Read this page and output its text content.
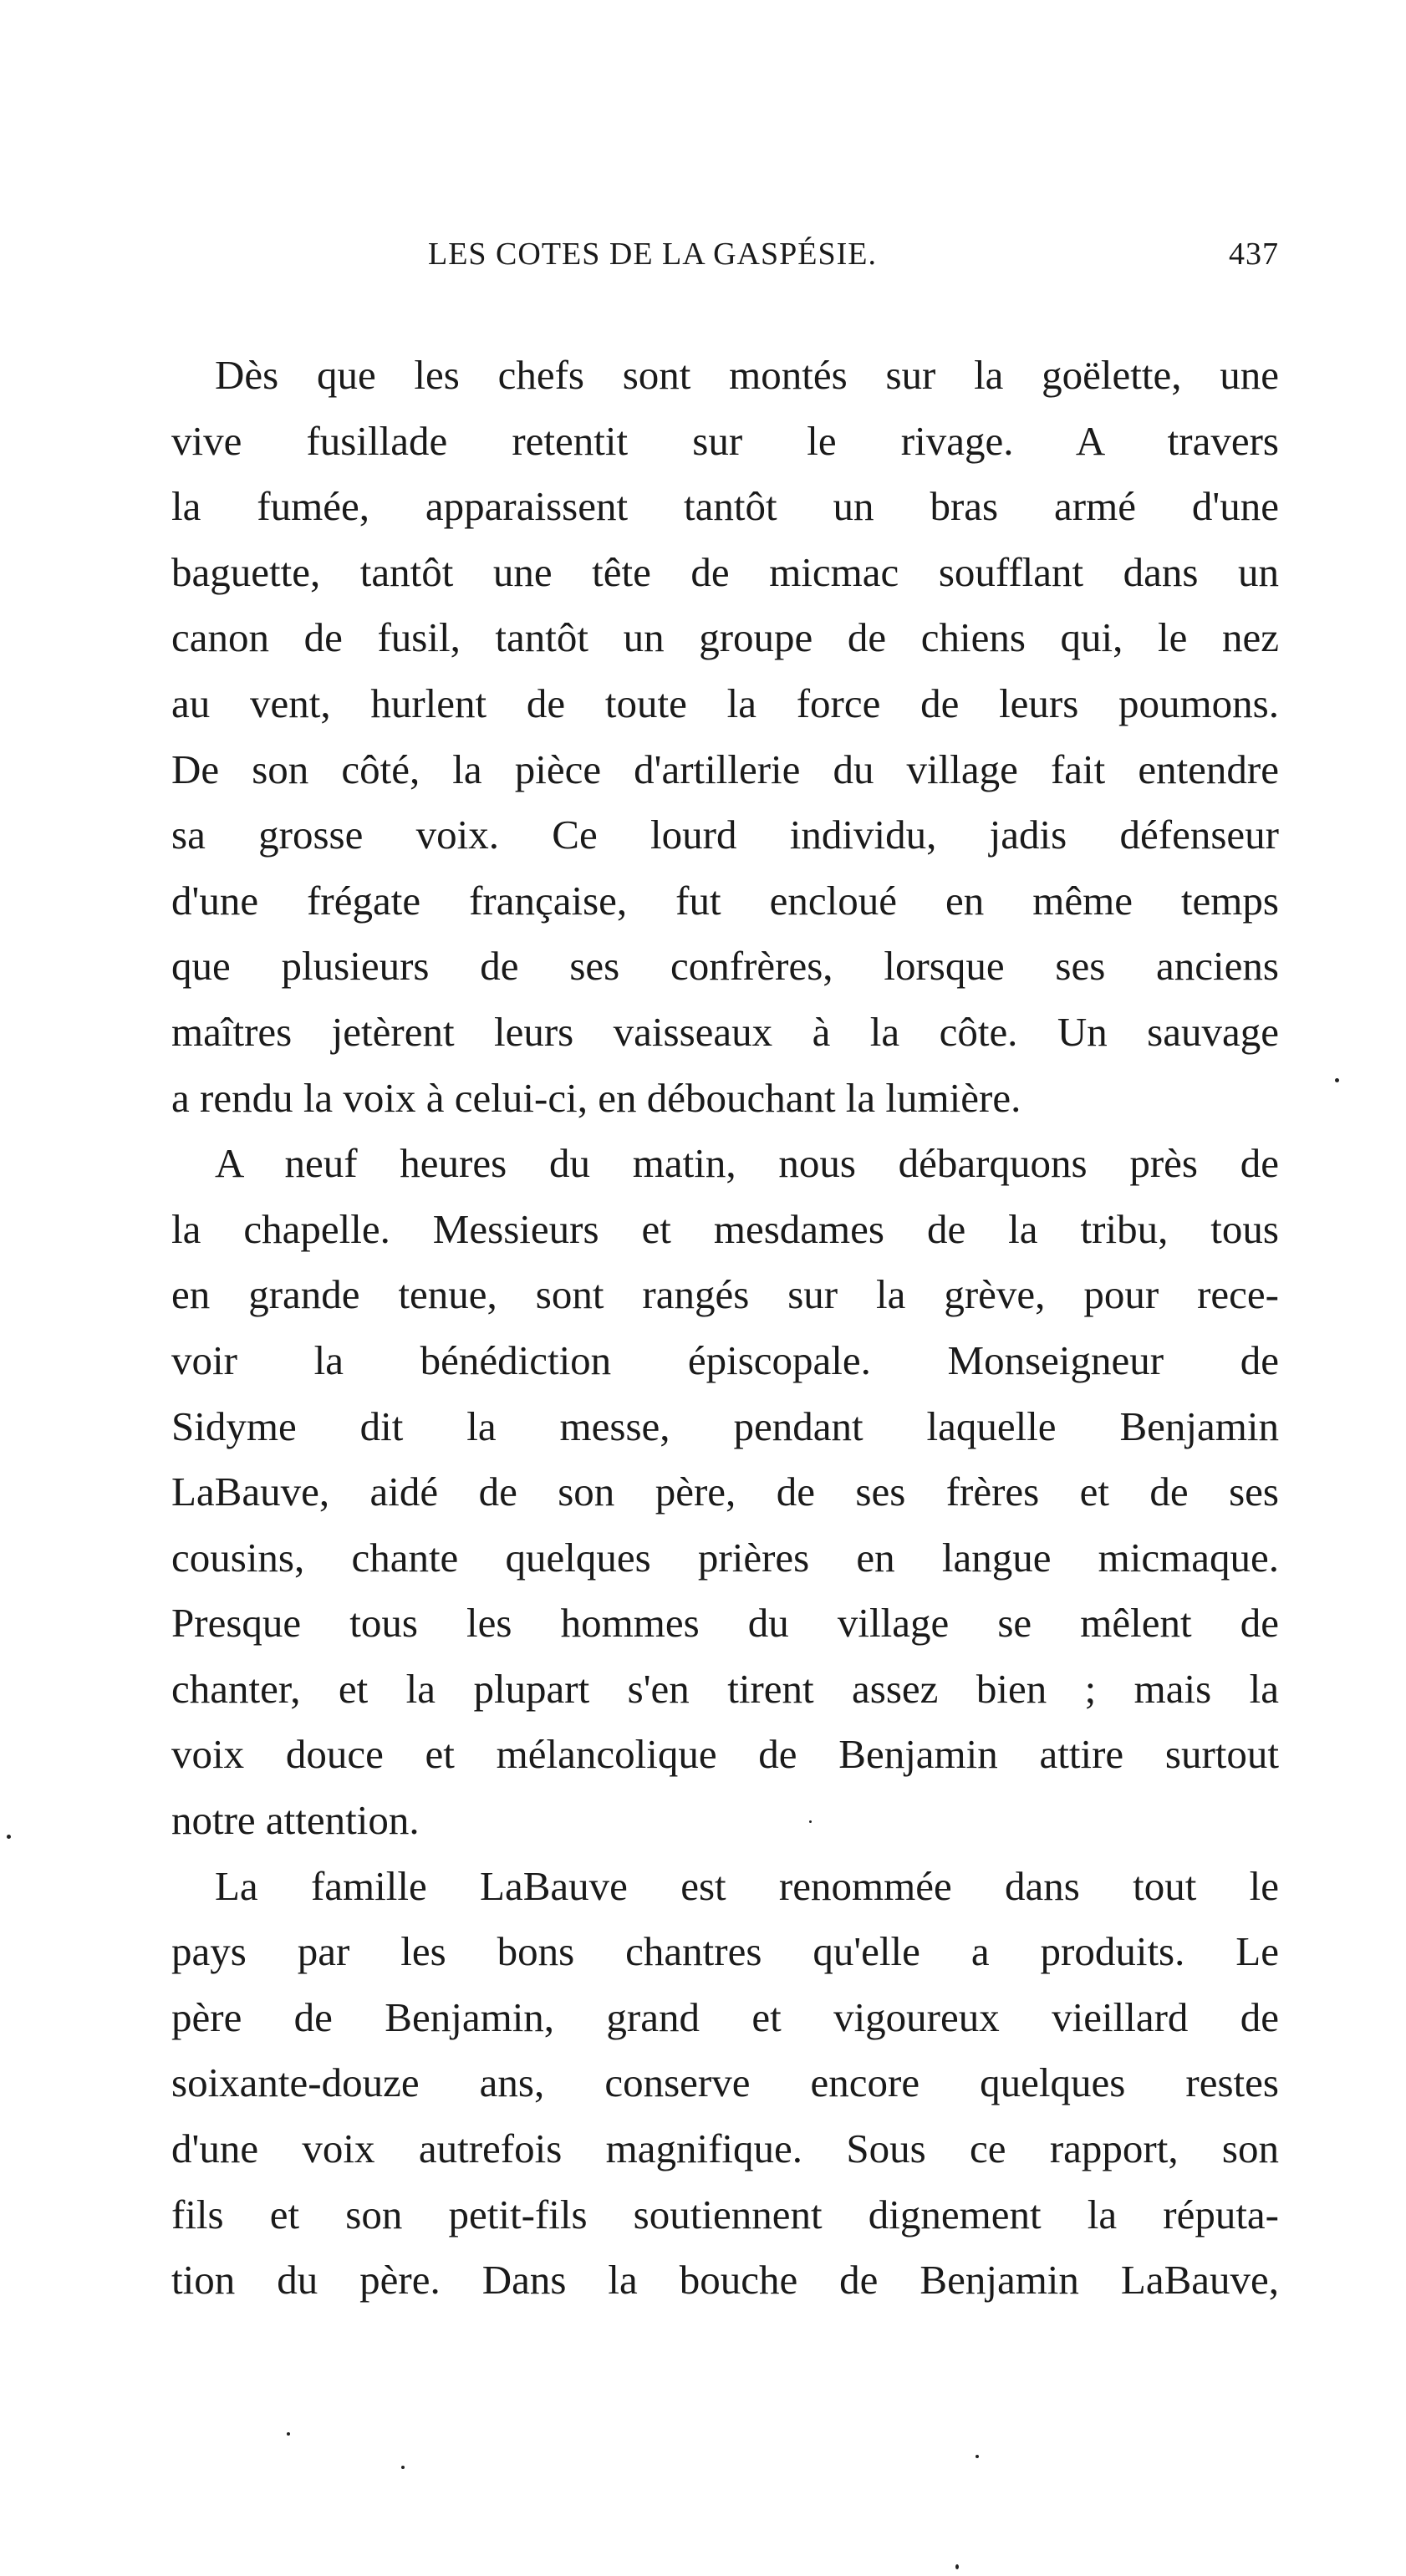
LES COTES DE LA GASPÉSIE.	437
Dès que les chefs sont montés sur la goëlette, une
vive fusillade retentit sur le rivage. A travers
la fumée, apparaissent tantôt un bras armé d'une
baguette, tantôt une tête de micmac soufflant dans un
canon de fusil, tantôt un groupe de chiens qui, le nez
au vent, hurlent de toute la force de leurs poumons.
De son côté, la pièce d'artillerie du village fait entendre
sa grosse voix. Ce lourd individu, jadis défenseur
d'une frégate française, fut encloué en même temps
que plusieurs de ses confrères, lorsque ses anciens
maîtres jetèrent leurs vaisseaux à la côte. Un sauvage
a rendu la voix à celui-ci, en débouchant la lumière.
A neuf heures du matin, nous débarquons près de
la chapelle. Messieurs et mesdames de la tribu, tous
en grande tenue, sont rangés sur la grève, pour rece-
voir la bénédiction épiscopale. Monseigneur de
Sidyme dit la messe, pendant laquelle Benjamin
LaBauve, aidé de son père, de ses frères et de ses
cousins, chante quelques prières en langue micmaque.
Presque tous les hommes du village se mêlent de
chanter, et la plupart s'en tirent assez bien ; mais la
voix douce et mélancolique de Benjamin attire surtout
notre attention.
La famille LaBauve est renommée dans tout le
pays par les bons chantres qu'elle a produits. Le
père de Benjamin, grand et vigoureux vieillard de
soixante-douze ans, conserve encore quelques restes
d'une voix autrefois magnifique. Sous ce rapport, son
fils et son petit-fils soutiennent dignement la réputa-
tion du père. Dans la bouche de Benjamin LaBauve,
